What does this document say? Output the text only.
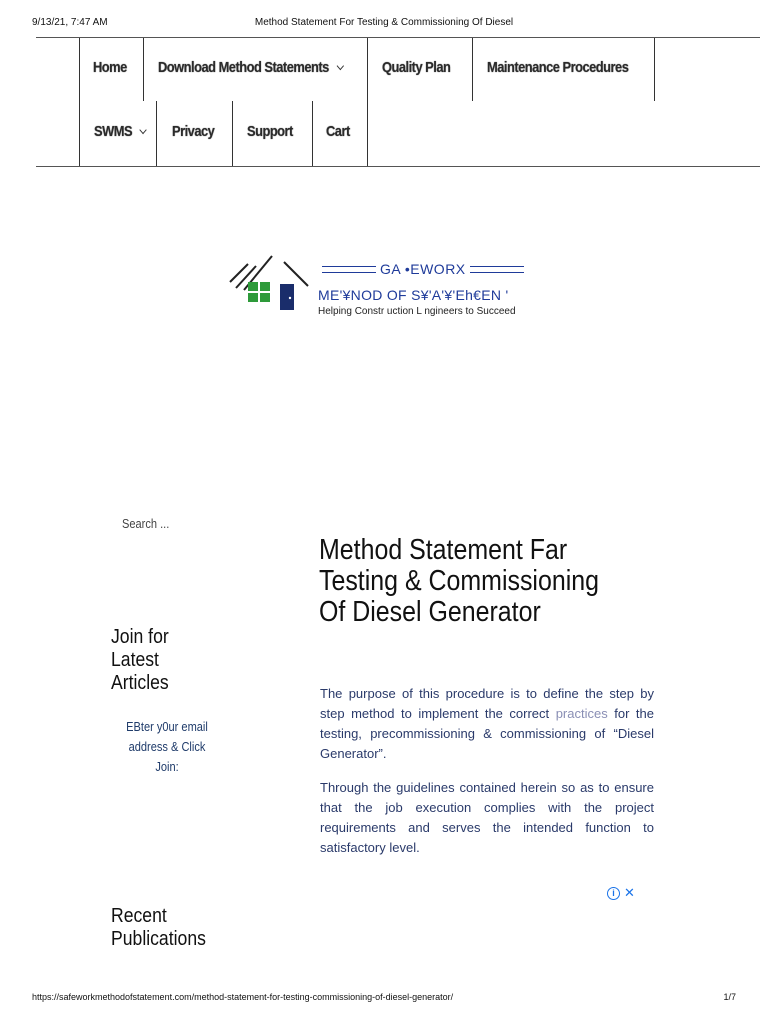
9/13/21, 7:47 AM	Method Statement For Testing & Commissioning Of Diesel
Home Download Method Statements	Quality Plan Maintenance Procedures
SWMS	Privacy Support Cart
GA •EWORX
ME'¥NOD OF S¥'A'¥'Eh€EN '
Helping Constr uction L ngineers to Succeed
Search ...
Join for Latest Articles
EBter y0ur email address & Click Join:
Recent Publications
Method Statement Far Testing & Commissioning Of Diesel Generator

The purpose of this procedure is to define the step by step method to implement the correct practices for the testing, precommissioning & commissioning of “Diesel Generator”.

Through the guidelines contained herein so as to ensure that the job execution complies with the project requirements and serves the intended function to satisfactory level.

i ✕
https://safeworkmethodofstatement.com/method-statement-for-testing-commissioning-of-diesel-generator/	1/7
